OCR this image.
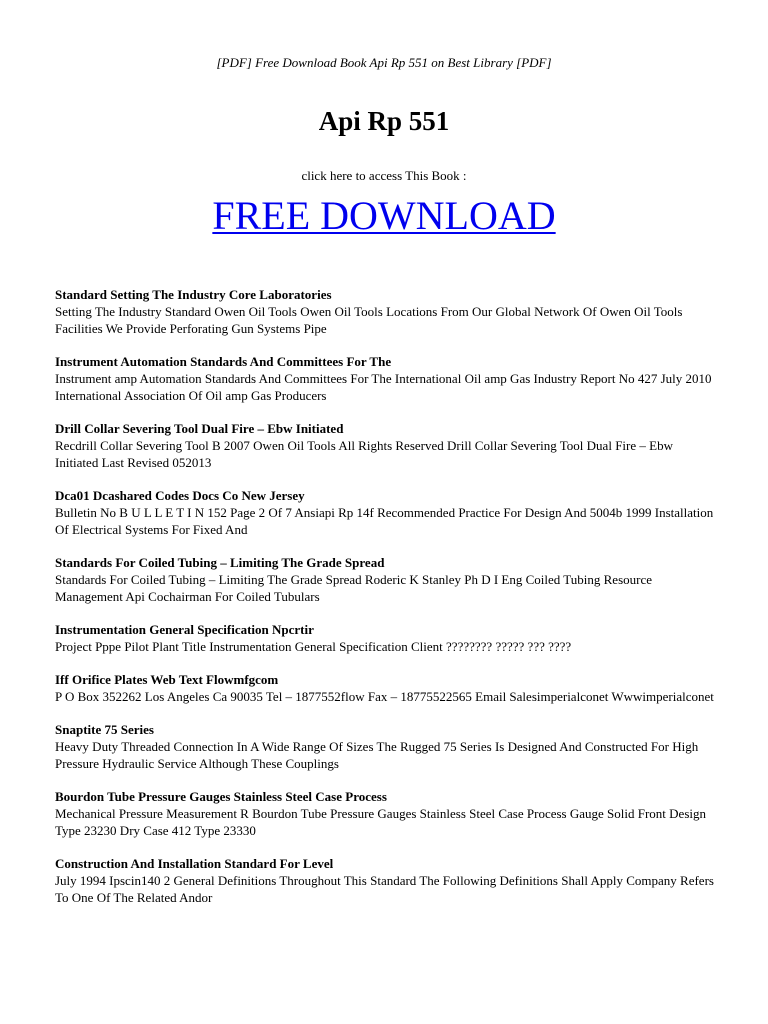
[PDF] Free Download Book Api Rp 551 on Best Library [PDF]
Api Rp 551
click here to access This Book :
FREE DOWNLOAD

Standard Setting The Industry Core Laboratories

Setting The Industry Standard Owen Oil Tools Owen Oil Tools Locations From Our Global Network Of Owen Oil Tools Facilities We Provide Perforating Gun Systems Pipe

Instrument Automation Standards And Committees For The

Instrument amp Automation Standards And Committees For The International Oil amp Gas Industry Report No 427 July 2010 International Association Of Oil amp Gas Producers

Drill Collar Severing Tool Dual Fire – Ebw Initiated

Recdrill Collar Severing Tool B 2007 Owen Oil Tools All Rights Reserved Drill Collar Severing Tool Dual Fire – Ebw Initiated Last Revised 052013

Dca01 Dcashared Codes Docs Co New Jersey

Bulletin No B U L L E T I N 152 Page 2 Of 7 Ansiapi Rp 14f Recommended Practice For Design And 5004b 1999 Installation Of Electrical Systems For Fixed And

Standards For Coiled Tubing – Limiting The Grade Spread

Standards For Coiled Tubing – Limiting The Grade Spread Roderic K Stanley Ph D I Eng Coiled Tubing Resource Management Api Cochairman For Coiled Tubulars

Instrumentation General Specification Npcrtir

Project Pppe Pilot Plant Title Instrumentation General Specification Client ???????? ????? ??? ????

Iff Orifice Plates Web Text Flowmfgcom

P O Box 352262 Los Angeles Ca 90035 Tel – 1877552flow Fax – 18775522565 Email Salesimperialconet Wwwimperialconet

Snaptite 75 Series

Heavy Duty Threaded Connection In A Wide Range Of Sizes The Rugged 75 Series Is Designed And Constructed For High Pressure Hydraulic Service Although These Couplings

Bourdon Tube Pressure Gauges Stainless Steel Case Process

Mechanical Pressure Measurement R Bourdon Tube Pressure Gauges Stainless Steel Case Process Gauge Solid Front Design Type 23230 Dry Case 412 Type 23330

Construction And Installation Standard For Level

July 1994 Ipscin140 2 General Definitions Throughout This Standard The Following Definitions Shall Apply Company Refers To One Of The Related Andor
